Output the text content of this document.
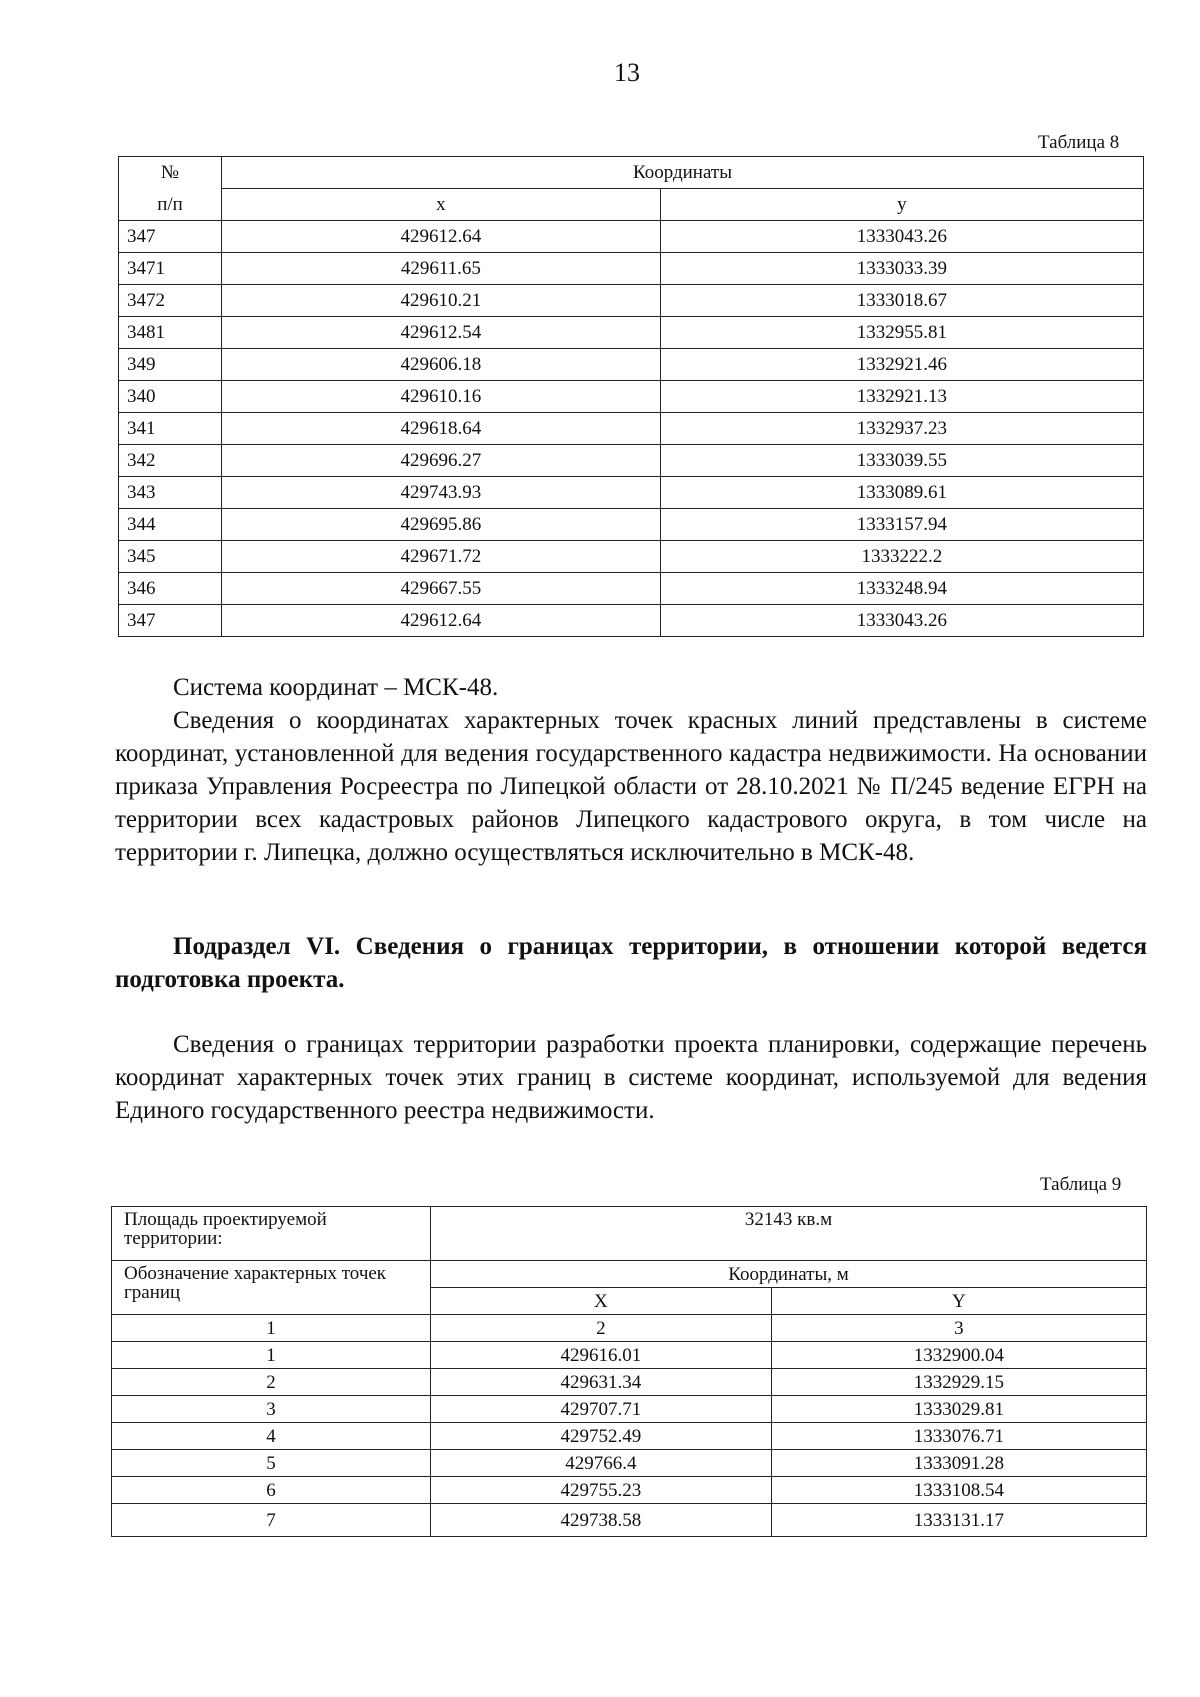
13
Таблица 8
№	Координаты	
п/п	x	y
347	429612.64	1333043.26
3471	429611.65	1333033.39
3472	429610.21	1333018.67
3481	429612.54	1332955.81
349	429606.18	1332921.46
340	429610.16	1332921.13
341	429618.64	1332937.23
342	429696.27	1333039.55
343	429743.93	1333089.61
344	429695.86	1333157.94
345	429671.72	1333222.2
346	429667.55	1333248.94
347	429612.64	1333043.26
Система координат – МСК-48.
Сведения о координатах характерных точек красных линий представлены в системе координат, установленной для ведения государственного кадастра недвижимости. На основании приказа Управления Росреестра по Липецкой области от 28.10.2021 № П/245 ведение ЕГРН на территории всех кадастровых районов Липецкого кадастрового округа, в том числе на территории г. Липецка, должно осуществляться исключительно в МСК-48.
Подраздел VI. Сведения о границах территории, в отношении которой ведется подготовка проекта.
Сведения о границах территории разработки проекта планировки, содержащие перечень координат характерных точек этих границ в системе координат, используемой для ведения Единого государственного реестра недвижимости.
Таблица 9
Площадь проектируемой территории:	32143 кв.м	
Обозначение характерных точек границ	Координаты, м	
	X	Y
1	2	3
1	429616.01	1332900.04
2	429631.34	1332929.15
3	429707.71	1333029.81
4	429752.49	1333076.71
5	429766.4	1333091.28
6	429755.23	1333108.54
7	429738.58	1333131.17
